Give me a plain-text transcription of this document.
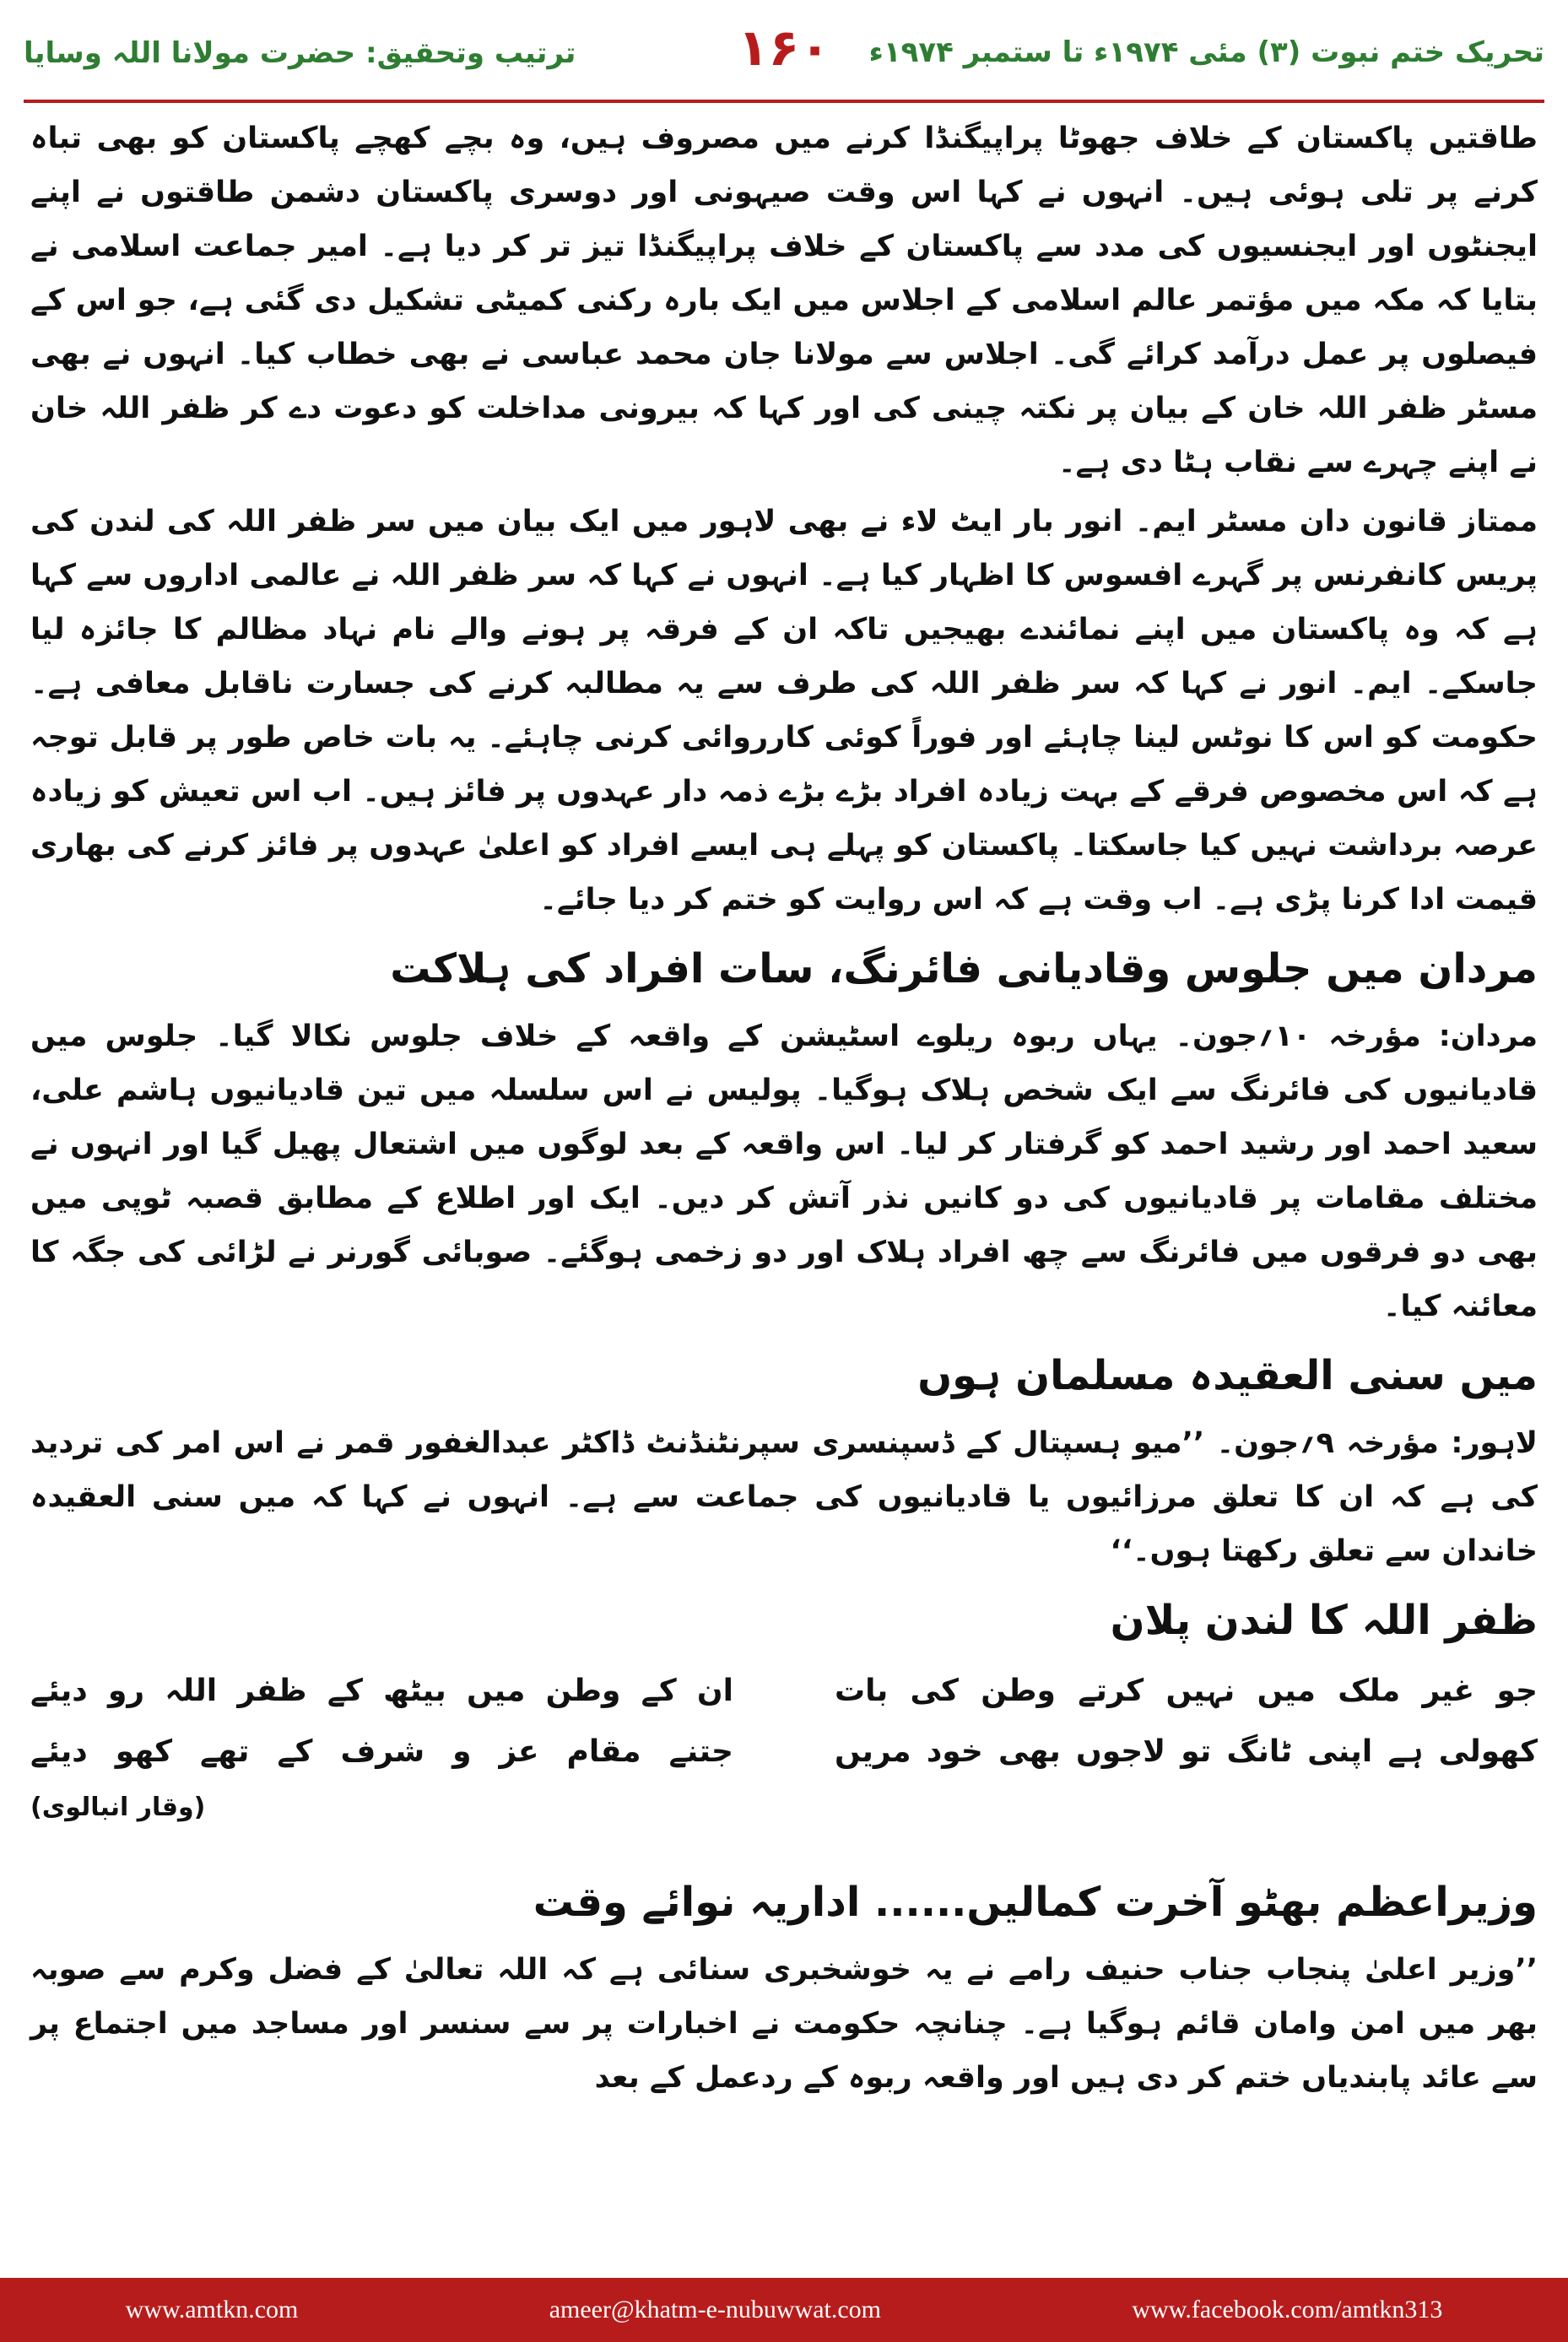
ترتیب وتحقیق: حضرت مولانا اللہ وسایا	۱۶۰ تحریک ختم نبوت (۳) مئی ۱۹۷۴ء تا ستمبر ۱۹۷۴ء

طاقتیں پاکستان کے خلاف جھوٹا پراپیگنڈا کرنے میں مصروف ہیں، وہ بچے کھچے پاکستان کو بھی تباہ کرنے پر تلی ہوئی ہیں۔ انہوں نے کہا اس وقت صیہونی اور دوسری پاکستان دشمن طاقتوں نے اپنے ایجنٹوں اور ایجنسیوں کی مدد سے پاکستان کے خلاف پراپیگنڈا تیز تر کر دیا ہے۔ امیر جماعت اسلامی نے بتایا کہ مکہ میں مؤتمر عالم اسلامی کے اجلاس میں ایک بارہ رکنی کمیٹی تشکیل دی گئی ہے، جو اس کے فیصلوں پر عمل درآمد کرائے گی۔ اجلاس سے مولانا جان محمد عباسی نے بھی خطاب کیا۔ انہوں نے بھی مسٹر ظفر اللہ خان کے بیان پر نکتہ چینی کی اور کہا کہ بیرونی مداخلت کو دعوت دے کر ظفر اللہ خان نے اپنے چہرے سے نقاب ہٹا دی ہے۔

ممتاز قانون دان مسٹر ایم۔ انور بار ایٹ لاء نے بھی لاہور میں ایک بیان میں سر ظفر اللہ کی لندن کی پریس کانفرنس پر گہرے افسوس کا اظہار کیا ہے۔ انہوں نے کہا کہ سر ظفر اللہ نے عالمی اداروں سے کہا ہے کہ وہ پاکستان میں اپنے نمائندے بھیجیں تاکہ ان کے فرقہ پر ہونے والے نام نہاد مظالم کا جائزہ لیا جاسکے۔ ایم۔ انور نے کہا کہ سر ظفر اللہ کی طرف سے یہ مطالبہ کرنے کی جسارت ناقابل معافی ہے۔ حکومت کو اس کا نوٹس لینا چاہئے اور فوراً کوئی کارروائی کرنی چاہئے۔ یہ بات خاص طور پر قابل توجہ ہے کہ اس مخصوص فرقے کے بہت زیادہ افراد بڑے بڑے ذمہ دار عہدوں پر فائز ہیں۔ اب اس تعیش کو زیادہ عرصہ برداشت نہیں کیا جاسکتا۔ پاکستان کو پہلے ہی ایسے افراد کو اعلیٰ عہدوں پر فائز کرنے کی بھاری قیمت ادا کرنا پڑی ہے۔ اب وقت ہے کہ اس روایت کو ختم کر دیا جائے۔

مردان میں جلوس وقادیانی فائرنگ، سات افراد کی ہلاکت

مردان: مؤرخہ ۱۰؍جون۔ یہاں ربوہ ریلوے اسٹیشن کے واقعہ کے خلاف جلوس نکالا گیا۔ جلوس میں قادیانیوں کی فائرنگ سے ایک شخص ہلاک ہوگیا۔ پولیس نے اس سلسلہ میں تین قادیانیوں ہاشم علی، سعید احمد اور رشید احمد کو گرفتار کر لیا۔ اس واقعہ کے بعد لوگوں میں اشتعال پھیل گیا اور انہوں نے مختلف مقامات پر قادیانیوں کی دو کانیں نذر آتش کر دیں۔ ایک اور اطلاع کے مطابق قصبہ ٹوپی میں بھی دو فرقوں میں فائرنگ سے چھ افراد ہلاک اور دو زخمی ہوگئے۔ صوبائی گورنر نے لڑائی کی جگہ کا معائنہ کیا۔

میں سنی العقیدہ مسلمان ہوں

لاہور: مؤرخہ ۹؍جون۔ ’’میو ہسپتال کے ڈسپنسری سپرنٹنڈنٹ ڈاکٹر عبدالغفور قمر نے اس امر کی تردید کی ہے کہ ان کا تعلق مرزائیوں یا قادیانیوں کی جماعت سے ہے۔ انہوں نے کہا کہ میں سنی العقیدہ خاندان سے تعلق رکھتا ہوں۔‘‘

ظفر اللہ کا لندن پلان
جو غیر ملک میں نہیں کرتے وطن کی بات
ان کے وطن میں بیٹھ کے ظفر اللہ رو دیئے
کھولی ہے اپنی ٹانگ تو لاجوں بھی خود مریں
جتنے مقام عز و شرف کے تھے کھو دیئے
(وقار انبالوی)
وزیراعظم بھٹو آخرت کمالیں...... اداریہ نوائے وقت

’’وزیر اعلیٰ پنجاب جناب حنیف رامے نے یہ خوشخبری سنائی ہے کہ اللہ تعالیٰ کے فضل وکرم سے صوبہ بھر میں امن وامان قائم ہوگیا ہے۔ چنانچہ حکومت نے اخبارات پر سے سنسر اور مساجد میں اجتماع پر سے عائد پابندیاں ختم کر دی ہیں اور واقعہ ربوہ کے ردعمل کے بعد

www.amtkn.com	ameer@khatm-e-nubuwwat.com	www.facebook.com/amtkn313
